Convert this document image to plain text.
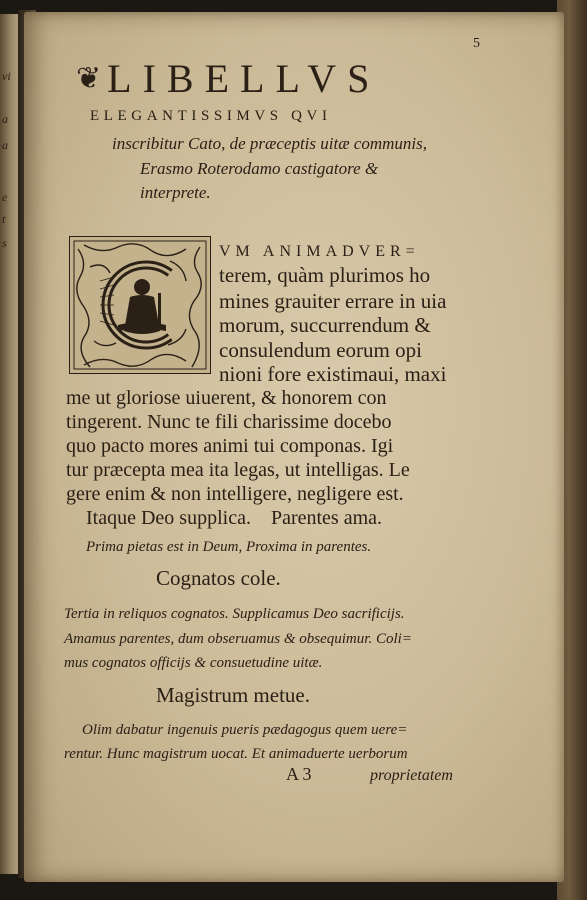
vi
a
a
e
t
s
5
❦ LIBELLVS
ELEGANTISSIMVS QVI
inscribitur Cato, de præceptis uitæ communis,
Erasmo Roterodamo castigatore &
interprete.
VM ANIMADVER=
terem, quàm plurimos ho
mines grauiter errare in uia
morum, succurrendum &
consulendum eorum opi
nioni fore existimaui, maxi
me ut gloriose uiuerent, & honorem con
tingerent. Nunc te fili charissime docebo
quo pacto mores animi tui componas. Igi
tur præcepta mea ita legas, ut intelligas. Le
gere enim & non intelligere, negligere est.
Itaque Deo supplica.    Parentes ama.
Prima pietas est in Deum, Proxima in parentes.
Cognatos cole.
Tertia in reliquos cognatos. Supplicamus Deo sacrificijs.
Amamus parentes, dum obseruamus & obsequimur. Coli=
mus cognatos officijs & consuetudine uitæ.
Magistrum metue.
Olim dabatur ingenuis pueris pædagogus quem uere=
rentur. Hunc magistrum uocat. Et animaduerte uerborum
A 3	proprietatem
